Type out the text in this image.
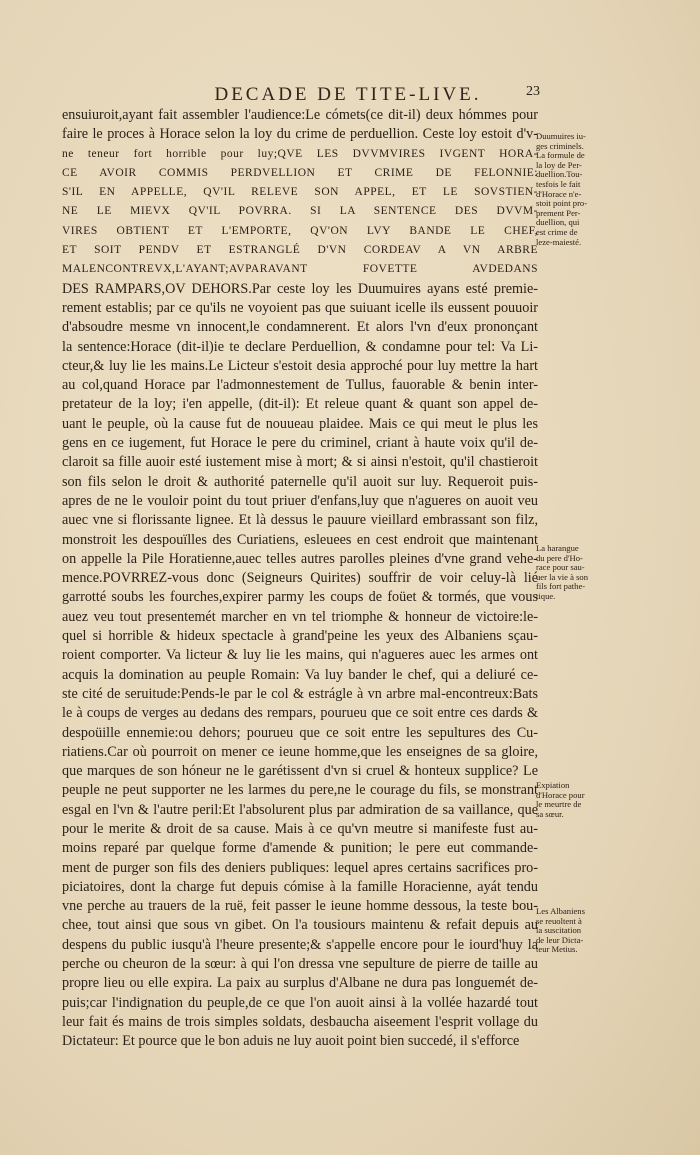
DECADE DE TITE-LIVE.	23
ensuiuroit,ayant fait assembler l'audience:Le cómets(ce dit-il) deux hómmes pour
faire le proces à Horace selon la loy du crime de perduellion. Ceste loy estoit d'v-
ne teneur fort horrible pour luy;QVE LES DVVMVIRES IVGENT HORA-
CE AVOIR COMMIS PERDVELLION ET CRIME DE FELONNIE:
S'IL EN APPELLE, QV'IL RELEVE SON APPEL, ET LE SOVSTIEN-
NE LE MIEVX QV'IL POVRRA. SI LA SENTENCE DES DVVM-
VIRES OBTIENT ET L'EMPORTE, QV'ON LVY BANDE LE CHEF,
ET SOIT PENDV ET ESTRANGLÉ D'VN CORDEAV A VN ARBRE
MALENCONTREVX,L'AYANT;AVPARAVANT FOVETTE AVDEDANS
DES RAMPARS,OV DEHORS.Par ceste loy les Duumuires ayans esté premie-
rement establis; par ce qu'ils ne voyoient pas que suiuant icelle ils eussent pouuoir
d'absoudre mesme vn innocent,le condamnerent. Et alors l'vn d'eux prononçant
la sentence:Horace (dit-il)ie te declare Perduellion, & condamne pour tel: Va Li-
cteur,& luy lie les mains.Le Licteur s'estoit desia approché pour luy mettre la hart
au col,quand Horace par l'admonnestement de Tullus, fauorable & benin inter-
pretateur de la loy; i'en appelle, (dit-il): Et releue quant & quant son appel de-
uant le peuple, où la cause fut de nouueau plaidee. Mais ce qui meut le plus les
gens en ce iugement, fut Horace le pere du criminel, criant à haute voix qu'il de-
claroit sa fille auoir esté iustement mise à mort; & si ainsi n'estoit, qu'il chastieroit
son fils selon le droit & authorité paternelle qu'il auoit sur luy. Requeroit puis-
apres de ne le vouloir point du tout priuer d'enfans,luy que n'agueres on auoit veu
auec vne si florissante lignee. Et là dessus le pauure vieillard embrassant son filz,
monstroit les despouïlles des Curiatiens, esleuees en cest endroit que maintenant
on appelle la Pile Horatienne,auec telles autres parolles pleines d'vne grand vehe-
mence.POVRREZ-vous donc (Seigneurs Quirites) souffrir de voir celuy-là lié
garrotté soubs les fourches,expirer parmy les coups de foüet & tormés, que vous
auez veu tout presentemét marcher en vn tel triomphe & honneur de victoire:le-
quel si horrible & hideux spectacle à grand'peine les yeux des Albaniens sçau-
roient comporter. Va licteur & luy lie les mains, qui n'agueres auec les armes ont
acquis la domination au peuple Romain: Va luy bander le chef, qui a deliuré ce-
ste cité de seruitude:Pends-le par le col & estrágle à vn arbre mal-encontreux:Bats
le à coups de verges au dedans des rempars, pourueu que ce soit entre ces dards &
despoüille ennemie:ou dehors; pourueu que ce soit entre les sepultures des Cu-
riatiens.Car où pourroit on mener ce ieune homme,que les enseignes de sa gloire,
que marques de son hóneur ne le garétissent d'vn si cruel & honteux supplice? Le
peuple ne peut supporter ne les larmes du pere,ne le courage du fils, se monstrant
esgal en l'vn & l'autre peril:Et l'absolurent plus par admiration de sa vaillance, que
pour le merite & droit de sa cause. Mais à ce qu'vn meutre si manifeste fust au-
moins reparé par quelque forme d'amende & punition; le pere eut commande-
ment de purger son fils des deniers publiques: lequel apres certains sacrifices pro-
piciatoires, dont la charge fut depuis cómise à la famille Horacienne, ayát tendu
vne perche au trauers de la ruë, feit passer le ieune homme dessous, la teste bou-
chee, tout ainsi que sous vn gibet. On l'a tousiours maintenu & refait depuis au
despens du public iusqu'à l'heure presente;& s'appelle encore pour le iourd'huy la
perche ou cheuron de la sœur: à qui l'on dressa vne sepulture de pierre de taille au
propre lieu ou elle expira. La paix au surplus d'Albane ne dura pas longuemét de-
puis;car l'indignation du peuple,de ce que l'on auoit ainsi à la vollée hazardé tout
leur fait és mains de trois simples soldats, desbaucha aiseement l'esprit vollage du
Dictateur: Et pource que le bon aduis ne luy auoit point bien succedé, il s'efforce
Duumuires iu-
ges criminels.
La formule de
la loy de Per-
duellion.Tou-
tesfois le fait
d'Horace n'e-
stoit point pro-
prement Per-
duellion, qui
est crime de
leze-maiesté.
La harangue
du pere d'Ho-
race pour sau-
uer la vie à son
fils fort pathe-
tique.
Expiation
d'Horace pour
le meurtre de
sa sœur.
Les Albaniens
se reuoltent à
la suscitation
de leur Dicta-
teur Metius.
